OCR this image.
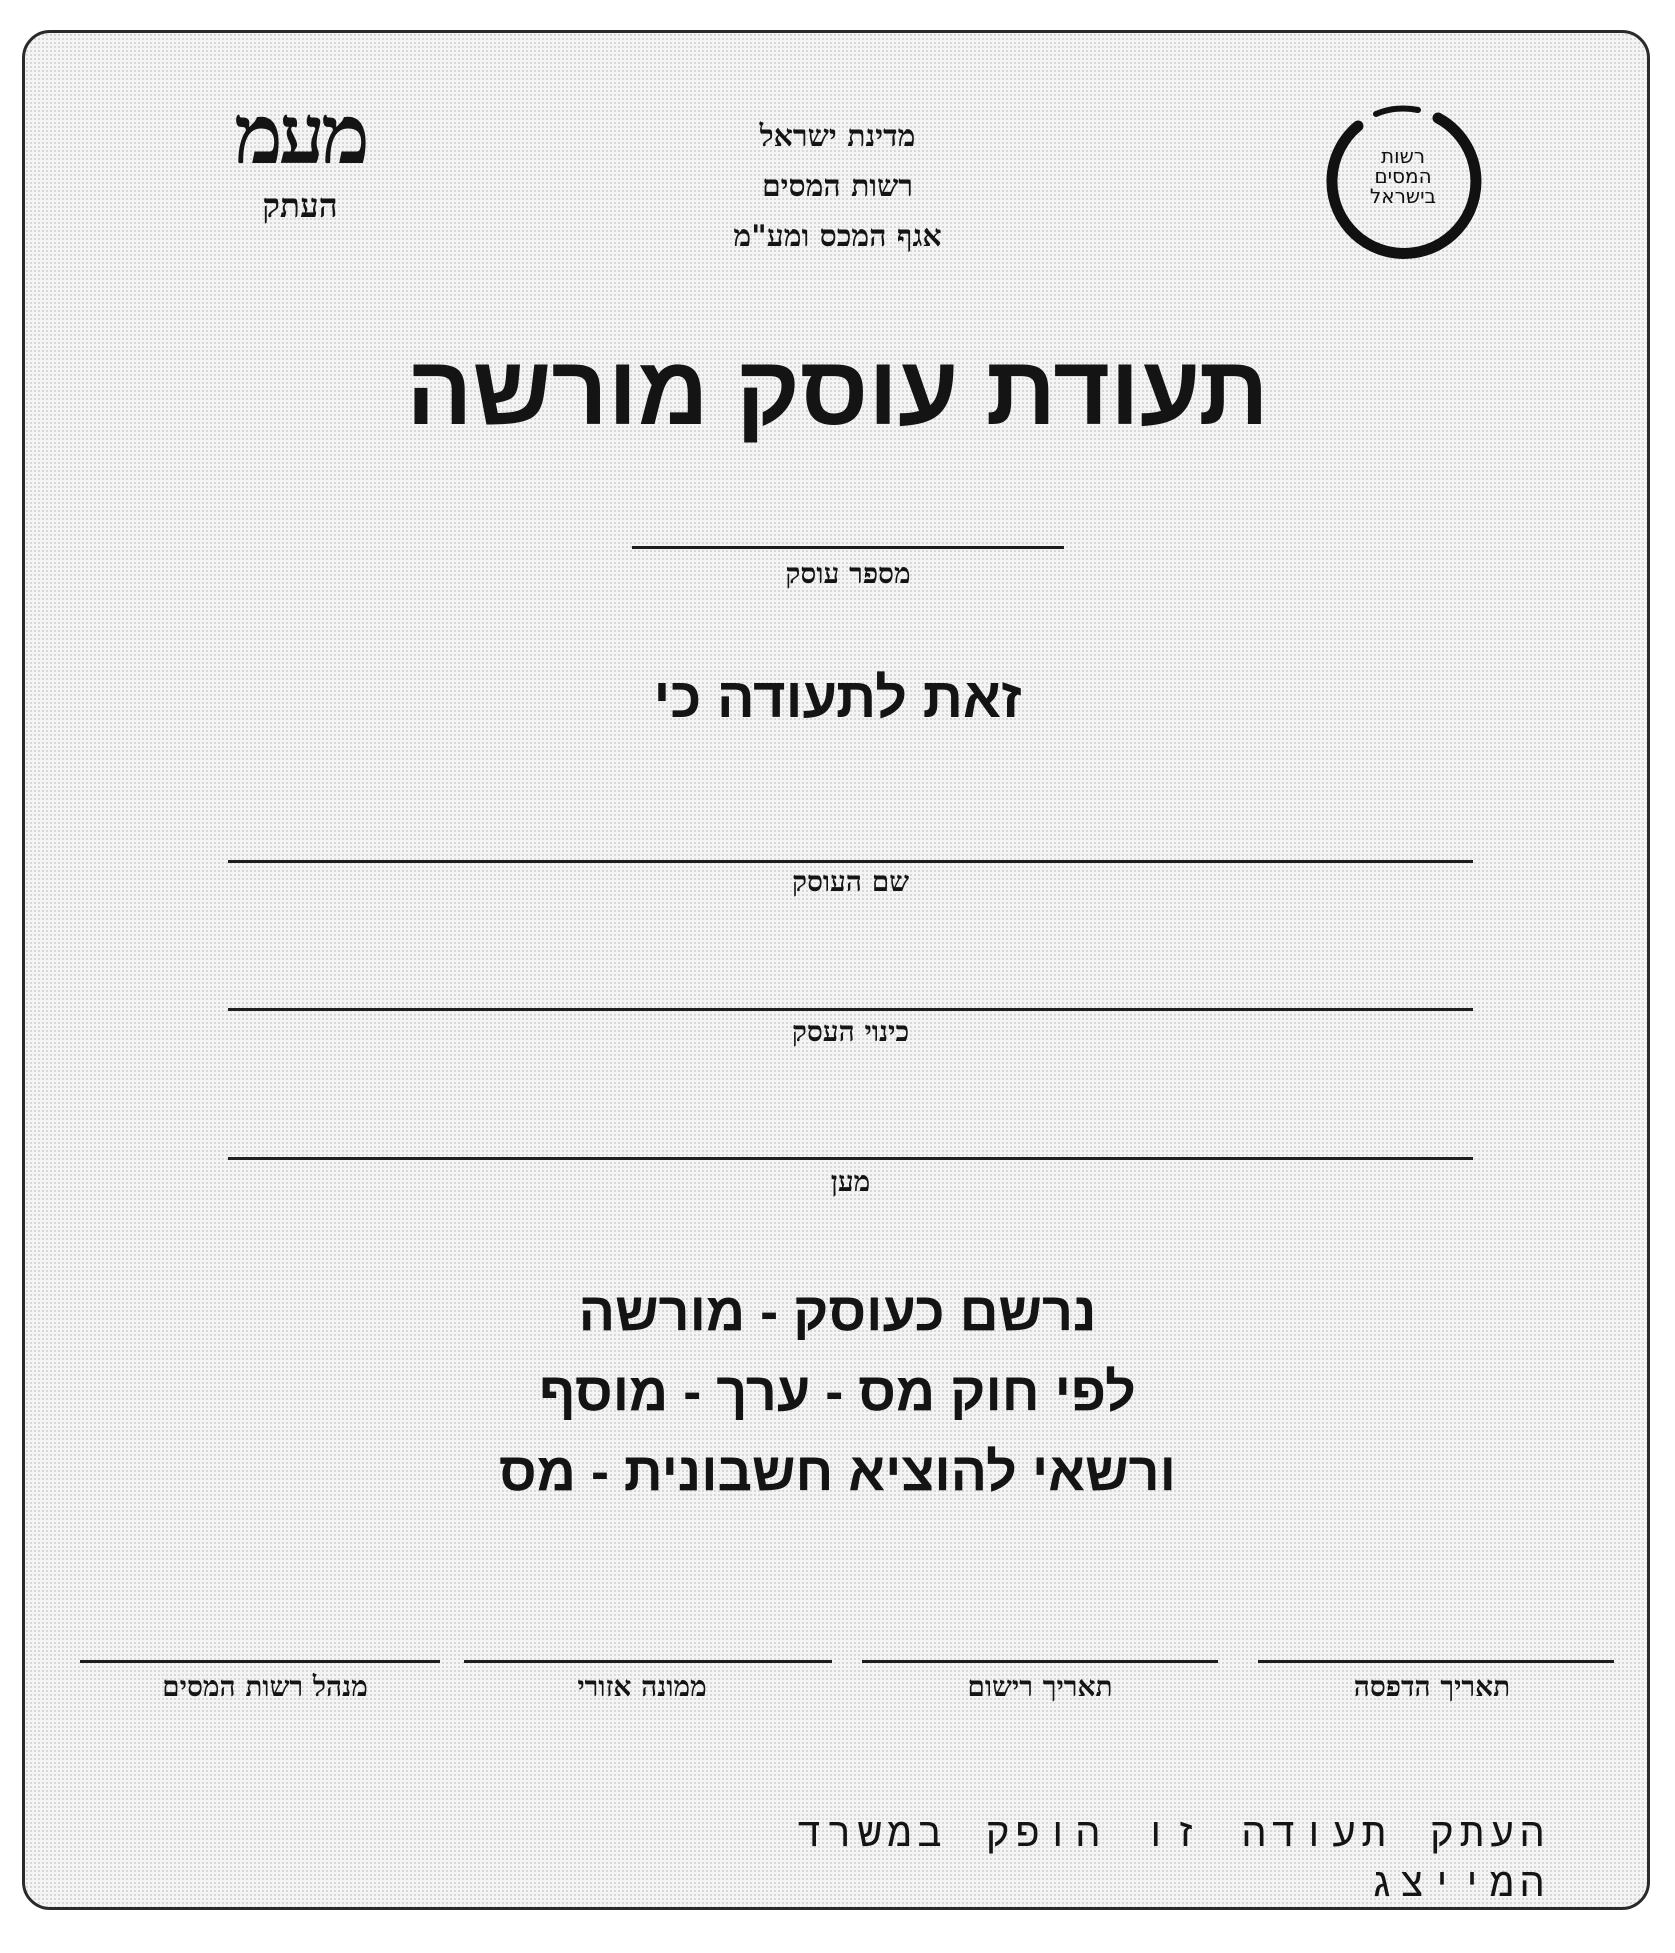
מעמ
העתק
מדינת ישראל
רשות המסים
אגף המכס ומע"מ
רשות
המסים
בישראל
תעודת עוסק מורשה
מספר עוסק
זאת לתעודה כי
שם העוסק
כינוי העסק
מען
נרשם כעוסק - מורשה
לפי חוק מס - ערך - מוסף
ורשאי להוציא חשבונית - מס
תאריך הדפסה
תאריך רישום
ממונה אזורי
מנהל רשות המסים
העתק תעודה זו הופק במשרד המייצג
